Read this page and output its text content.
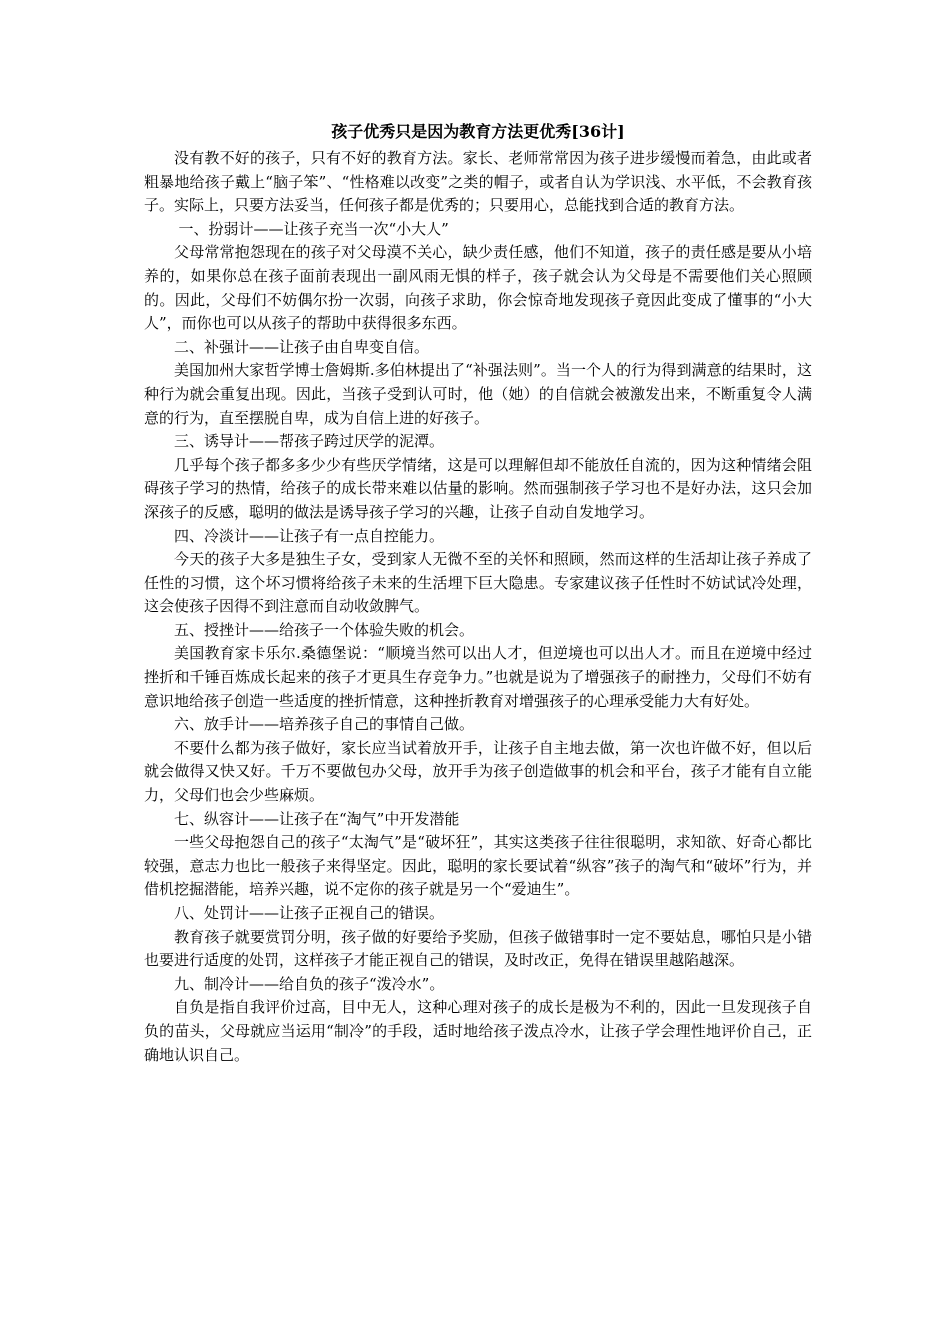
孩子优秀只是因为教育方法更优秀[36计]

没有教不好的孩子，只有不好的教育方法。家长、老师常常因为孩子进步缓慢而着急，由此或者粗暴地给孩子戴上“脑子笨”、“性格难以改变”之类的帽子，或者自认为学识浅、水平低，不会教育孩子。实际上，只要方法妥当，任何孩子都是优秀的；只要用心，总能找到合适的教育方法。

一、扮弱计——让孩子充当一次“小大人”

父母常常抱怨现在的孩子对父母漠不关心，缺少责任感，他们不知道，孩子的责任感是要从小培养的，如果你总在孩子面前表现出一副风雨无惧的样子，孩子就会认为父母是不需要他们关心照顾的。因此，父母们不妨偶尔扮一次弱，向孩子求助，你会惊奇地发现孩子竟因此变成了懂事的“小大人”，而你也可以从孩子的帮助中获得很多东西。

二、补强计——让孩子由自卑变自信。

美国加州大家哲学博士詹姆斯.多伯林提出了“补强法则”。当一个人的行为得到满意的结果时，这种行为就会重复出现。因此，当孩子受到认可时，他（她）的自信就会被激发出来，不断重复令人满意的行为，直至摆脱自卑，成为自信上进的好孩子。

三、诱导计——帮孩子跨过厌学的泥潭。

几乎每个孩子都多多少少有些厌学情绪，这是可以理解但却不能放任自流的，因为这种情绪会阻碍孩子学习的热情，给孩子的成长带来难以估量的影响。然而强制孩子学习也不是好办法，这只会加深孩子的反感，聪明的做法是诱导孩子学习的兴趣，让孩子自动自发地学习。

四、冷淡计——让孩子有一点自控能力。

今天的孩子大多是独生子女，受到家人无微不至的关怀和照顾，然而这样的生活却让孩子养成了任性的习惯，这个坏习惯将给孩子未来的生活埋下巨大隐患。专家建议孩子任性时不妨试试冷处理，这会使孩子因得不到注意而自动收敛脾气。

五、授挫计——给孩子一个体验失败的机会。

美国教育家卡乐尔.桑德堡说：“顺境当然可以出人才，但逆境也可以出人才。而且在逆境中经过挫折和千锤百炼成长起来的孩子才更具生存竞争力。”也就是说为了增强孩子的耐挫力，父母们不妨有意识地给孩子创造一些适度的挫折情意，这种挫折教育对增强孩子的心理承受能力大有好处。

六、放手计——培养孩子自己的事情自己做。

不要什么都为孩子做好，家长应当试着放开手，让孩子自主地去做，第一次也许做不好，但以后就会做得又快又好。千万不要做包办父母，放开手为孩子创造做事的机会和平台，孩子才能有自立能力，父母们也会少些麻烦。

七、纵容计——让孩子在“淘气”中开发潜能

一些父母抱怨自己的孩子“太淘气”是“破坏狂”，其实这类孩子往往很聪明，求知欲、好奇心都比较强，意志力也比一般孩子来得坚定。因此，聪明的家长要试着“纵容”孩子的淘气和“破坏”行为，并借机挖掘潜能，培养兴趣，说不定你的孩子就是另一个“爱迪生”。

八、处罚计——让孩子正视自己的错误。

教育孩子就要赏罚分明，孩子做的好要给予奖励，但孩子做错事时一定不要姑息，哪怕只是小错也要进行适度的处罚，这样孩子才能正视自己的错误，及时改正，免得在错误里越陷越深。

九、制冷计——给自负的孩子“泼冷水”。

自负是指自我评价过高，目中无人，这种心理对孩子的成长是极为不利的，因此一旦发现孩子自负的苗头，父母就应当运用“制冷”的手段，适时地给孩子泼点冷水，让孩子学会理性地评价自己，正确地认识自己。
